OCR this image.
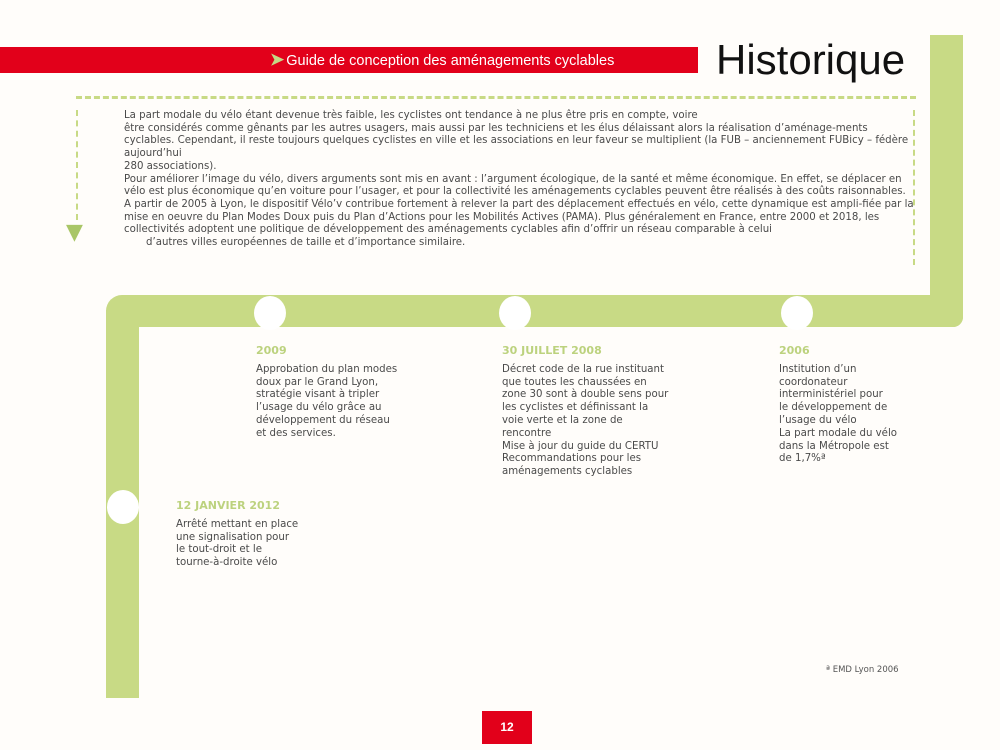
➤ Guide de conception des aménagements cyclables Historique
▼

La part modale du vélo étant devenue très faible, les cyclistes ont tendance à ne plus être pris en compte, voire

être considérés comme gênants par les autres usagers, mais aussi par les techniciens et les élus délaissant alors la réalisation d’aménage-ments cyclables. Cependant, il reste toujours quelques cyclistes en ville et les associations en leur faveur se multiplient (la FUB – anciennement FUBicy – fédère aujourd’hui

280 associations).

Pour améliorer l’image du vélo, divers arguments sont mis en avant : l’argument écologique, de la santé et même économique. En effet, se déplacer en vélo est plus économique qu’en voiture pour l’usager, et pour la collectivité les aménagements cyclables peuvent être réalisés à des coûts raisonnables.

A partir de 2005 à Lyon, le dispositif Vélo’v contribue fortement à relever la part des déplacement effectués en vélo, cette dynamique est ampli-fiée par la mise en oeuvre du Plan Modes Doux puis du Plan d’Actions pour les Mobilités Actives (PAMA). Plus généralement en France, entre 2000 et 2018, les collectivités adoptent une politique de développement des aménagements cyclables afin d’offrir un réseau comparable à celui

d’autres villes européennes de taille et d’importance similaire.

2009
Approbation du plan modes
doux par le Grand Lyon,
stratégie visant à tripler
l’usage du vélo grâce au
développement du réseau
et des services.
30 JUILLET 2008
Décret code de la rue instituant
que toutes les chaussées en
zone 30 sont à double sens pour
les cyclistes et définissant la
voie verte et la zone de
rencontre
Mise à jour du guide du CERTU
Recommandations pour les
aménagements cyclables
2006
Institution d’un
coordonateur
interministériel pour
le développement de
l’usage du vélo
La part modale du vélo
dans la Métropole est
de 1,7%ª
12 JANVIER 2012
Arrêté mettant en place
une signalisation pour
le tout-droit et le
tourne-à-droite vélo
ª EMD Lyon 2006
12
